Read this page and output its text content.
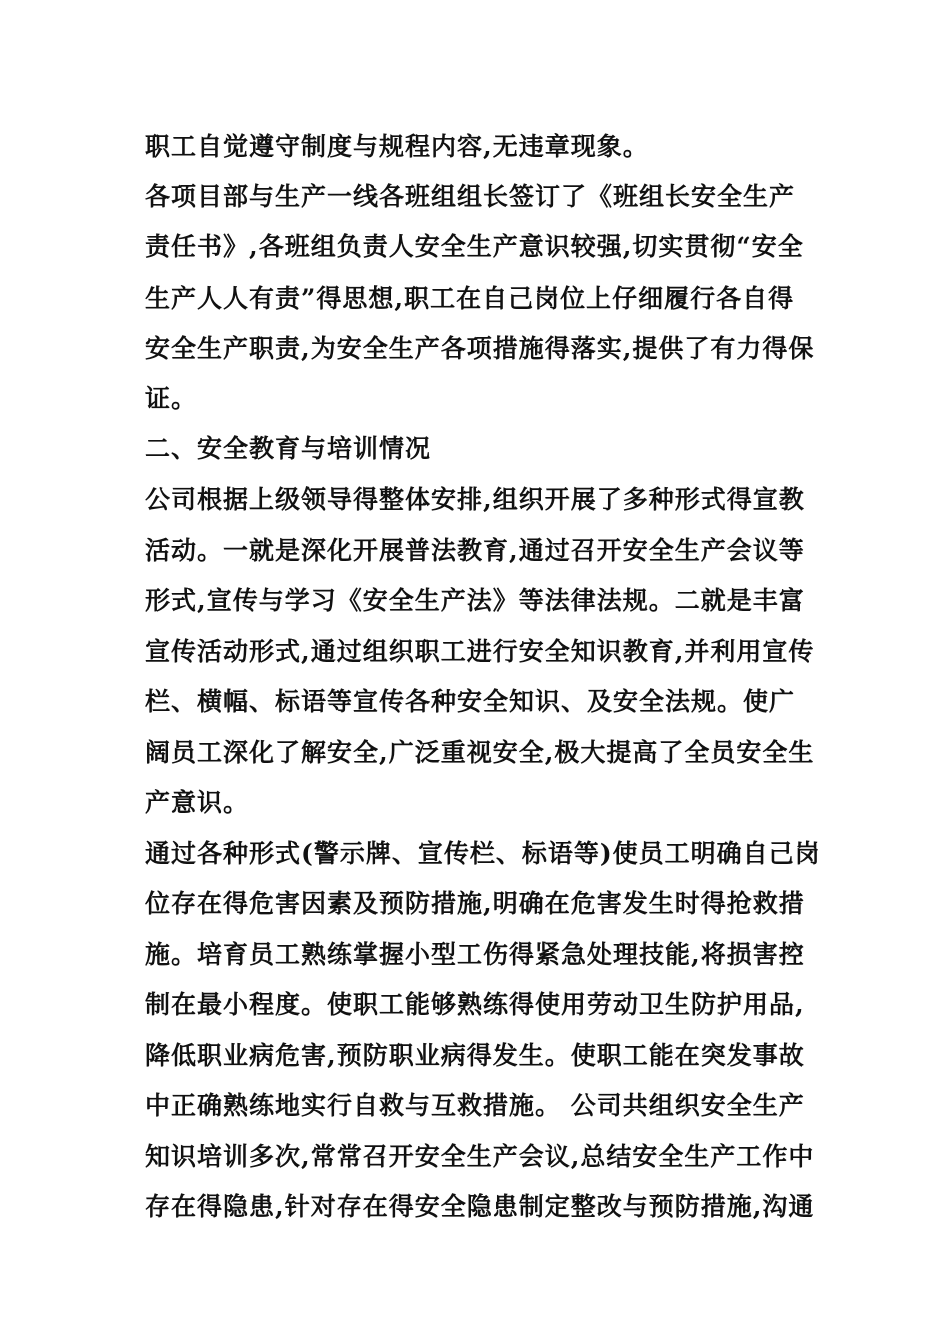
职工自觉遵守制度与规程内容,无违章现象。
各项目部与生产一线各班组组长签订了《班组长安全生产
责任书》,各班组负责人安全生产意识较强,切实贯彻“安全
生产人人有责”得思想,职工在自己岗位上仔细履行各自得
安全生产职责,为安全生产各项措施得落实,提供了有力得保
证。
二、安全教育与培训情况
公司根据上级领导得整体安排,组织开展了多种形式得宣教
活动。一就是深化开展普法教育,通过召开安全生产会议等
形式,宣传与学习《安全生产法》等法律法规。二就是丰富
宣传活动形式,通过组织职工进行安全知识教育,并利用宣传
栏、横幅、标语等宣传各种安全知识、及安全法规。使广
阔员工深化了解安全,广泛重视安全,极大提高了全员安全生
产意识。
通过各种形式(警示牌、宣传栏、标语等)使员工明确自己岗
位存在得危害因素及预防措施,明确在危害发生时得抢救措
施。培育员工熟练掌握小型工伤得紧急处理技能,将损害控
制在最小程度。使职工能够熟练得使用劳动卫生防护用品,
降低职业病危害,预防职业病得发生。使职工能在突发事故
中正确熟练地实行自救与互救措施。 公司共组织安全生产
知识培训多次,常常召开安全生产会议,总结安全生产工作中
存在得隐患,针对存在得安全隐患制定整改与预防措施,沟通
